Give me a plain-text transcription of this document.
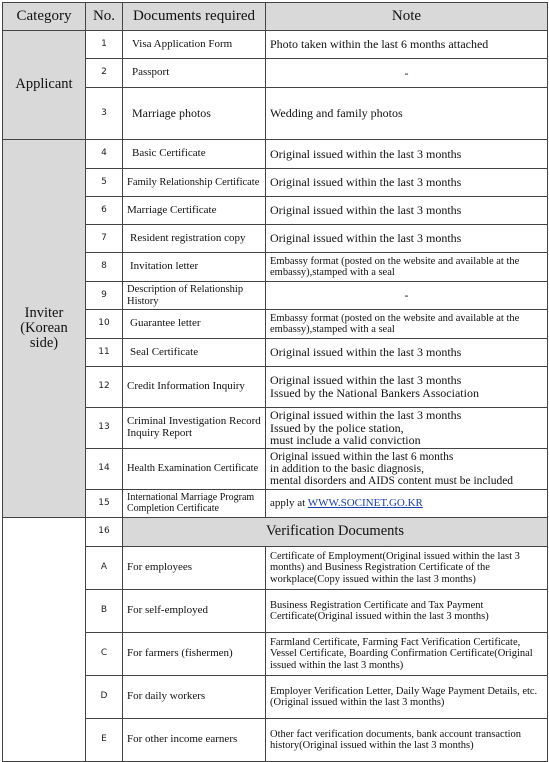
Category	No.	Documents required	Note
Applicant	1	Visa Application Form	Photo taken within the last 6 months attached
	2	Passport	-
	3	Marriage photos	Wedding and family photos
Inviter
(Korean side)	4	Basic Certificate	Original issued within the last 3 months
	5	Family Relationship Certificate	Original issued within the last 3 months
	6	Marriage Certificate	Original issued within the last 3 months
	7	Resident registration copy	Original issued within the last 3 months
	8	Invitation letter	Embassy format (posted on the website and available at the embassy),stamped with a seal
	9	Description of Relationship History	-
	10	Guarantee letter	Embassy format (posted on the website and available at the embassy),stamped with a seal
	11	Seal Certificate	Original issued within the last 3 months
	12	Credit Information Inquiry	Original issued within the last 3 months
Issued by the National Bankers Association
	13	Criminal Investigation Record Inquiry Report	Original issued within the last 3 months
Issued by the police station,
must include a valid conviction
	14	Health Examination Certificate	Original issued within the last 6 months
in addition to the basic diagnosis,
mental disorders and AIDS content must be included
	15	International Marriage Program Completion Certificate	apply at WWW.SOCINET.GO.KR
	16	Verification Documents	
	A	For employees	Certificate of Employment(Original issued within the last 3 months) and Business Registration Certificate of the workplace(Copy issued within the last 3 months)
	B	For self-employed	Business Registration Certificate and Tax Payment Certificate(Original issued within the last 3 months)
	C	For farmers (fishermen)	Farmland Certificate, Farming Fact Verification Certificate, Vessel Certificate, Boarding Confirmation Certificate(Original issued within the last 3 months)
	D	For daily workers	Employer Verification Letter, Daily Wage Payment Details, etc. (Original issued within the last 3 months)
	E	For other income earners	Other fact verification documents, bank account transaction history(Original issued within the last 3 months)
